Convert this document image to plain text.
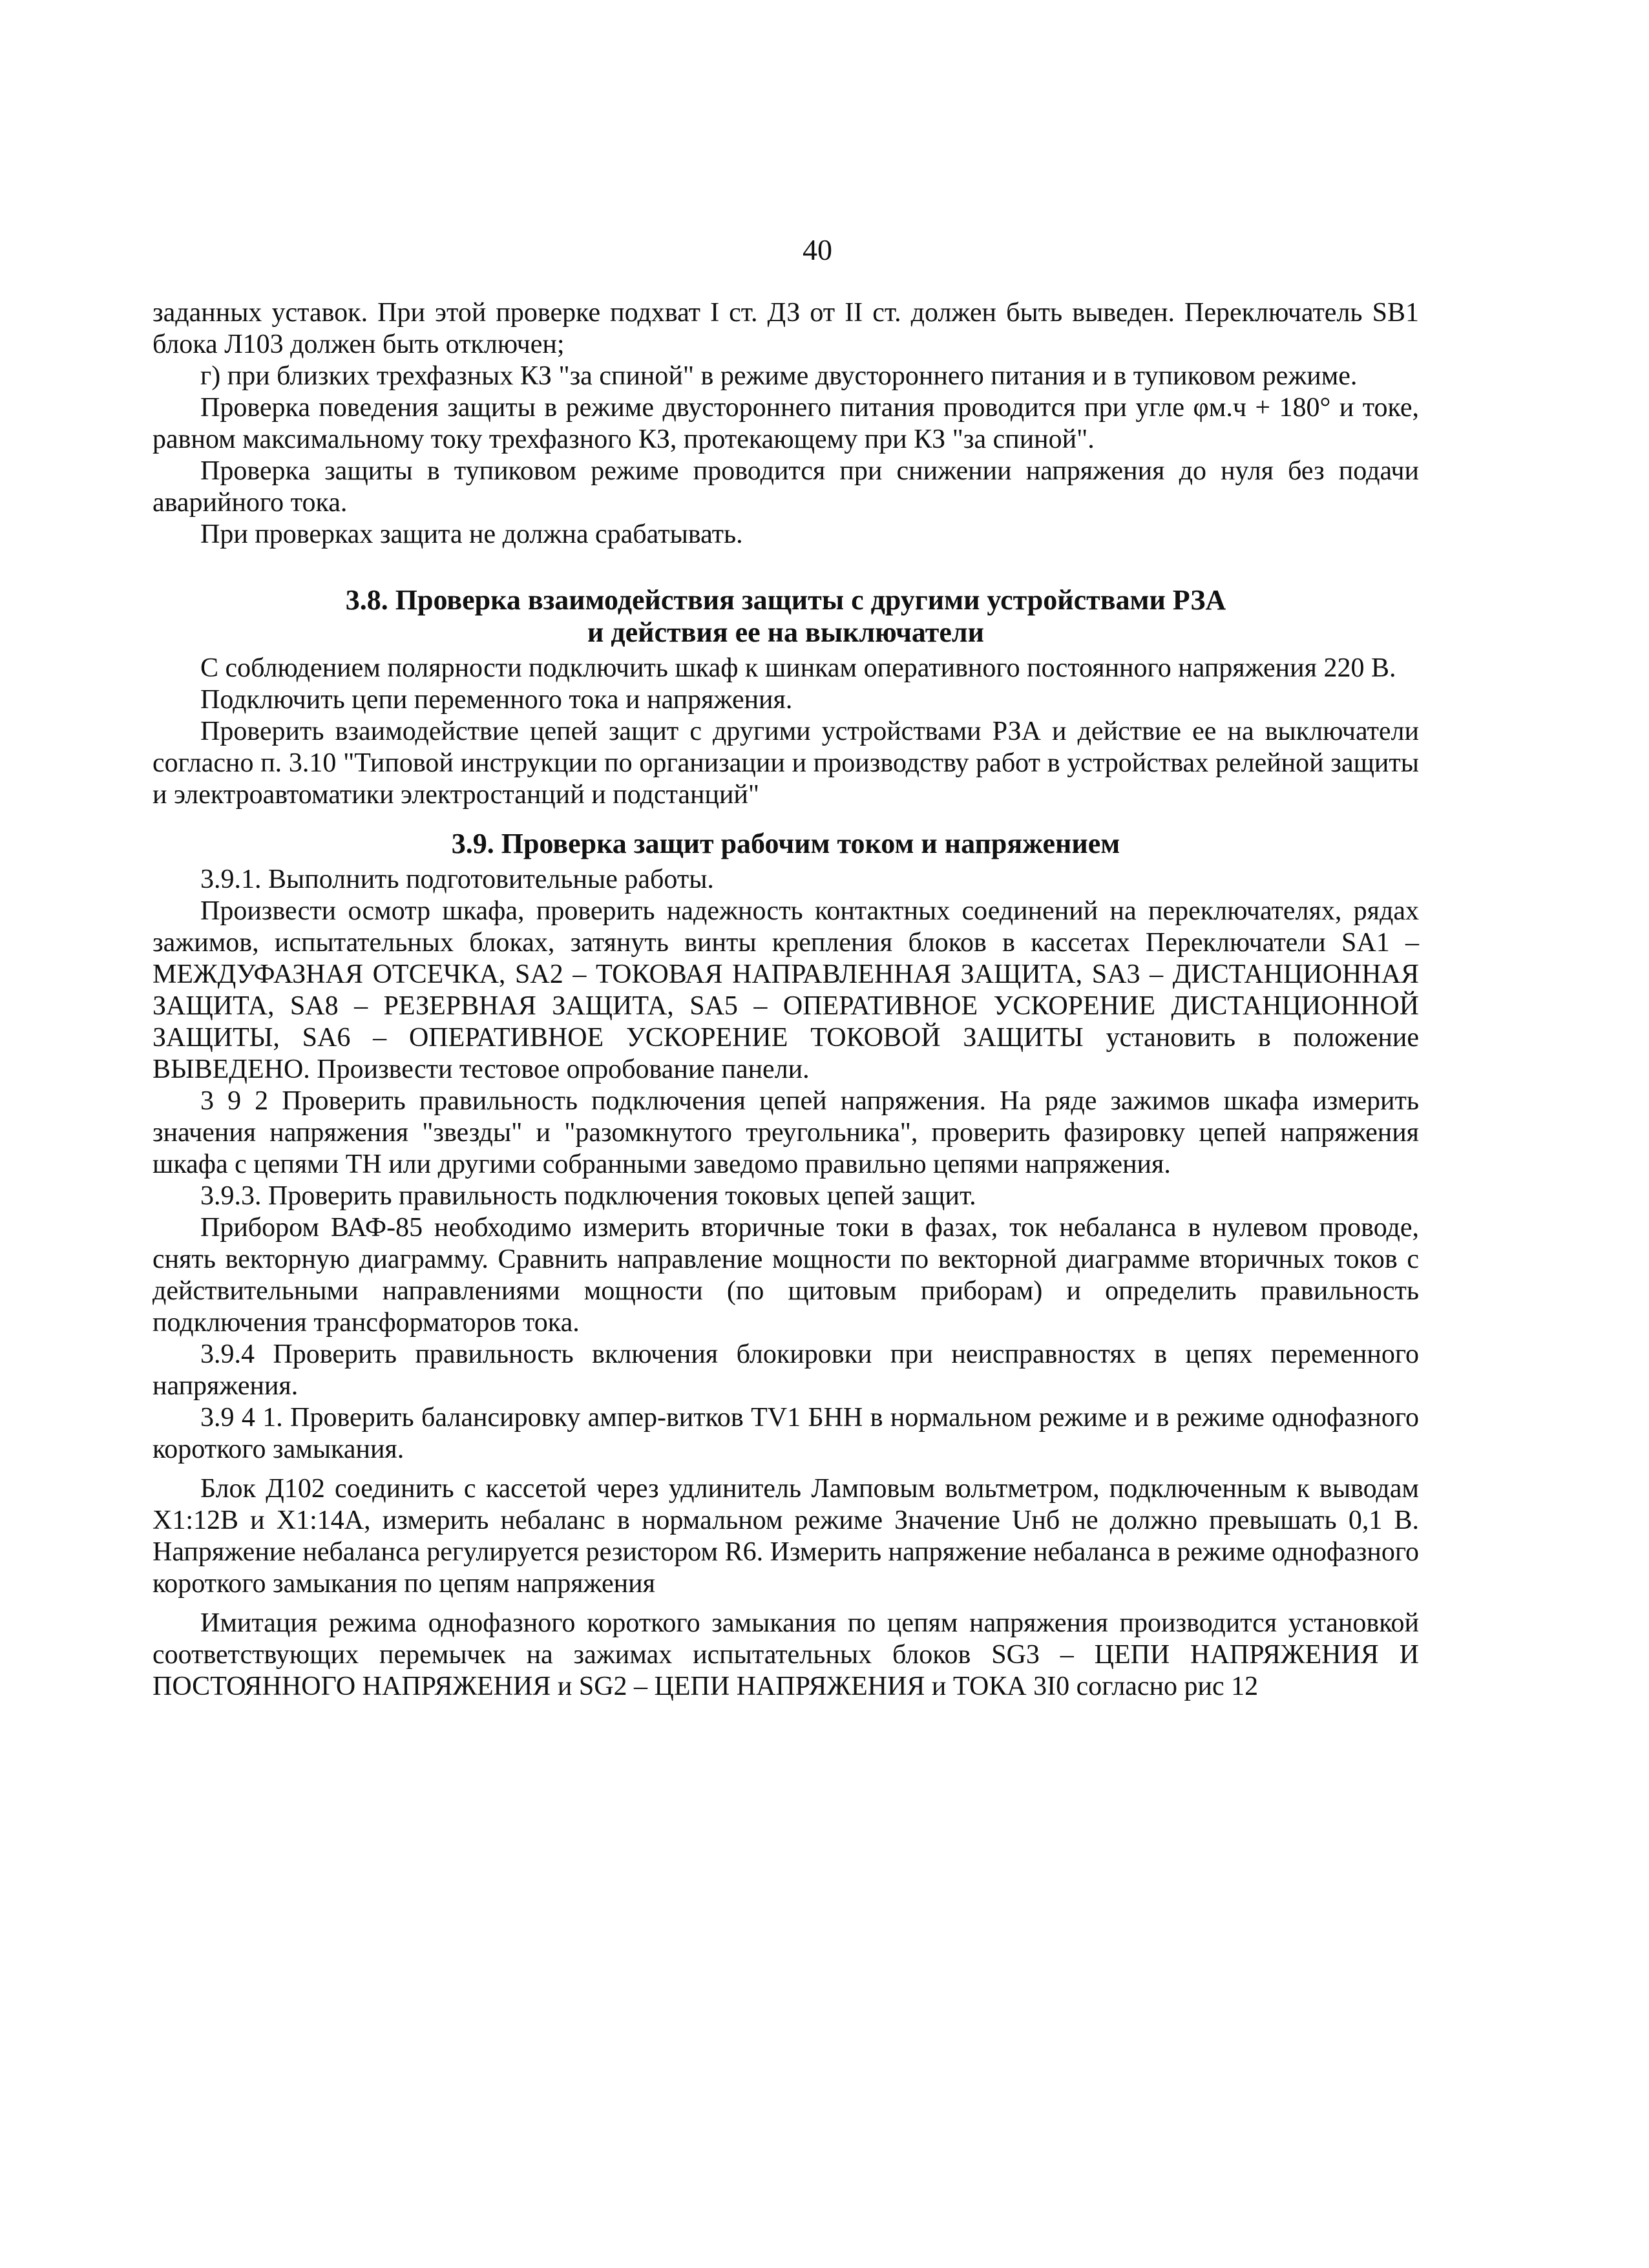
40

заданных уставок. При этой проверке подхват I ст. ДЗ от II ст. должен быть выведен. Переключатель SB1 блока Л103 должен быть отключен;

г) при близких трехфазных КЗ "за спиной" в режиме двустороннего питания и в тупиковом режиме.

Проверка поведения защиты в режиме двустороннего питания проводится при угле φм.ч + 180° и токе, равном максимальному току трехфазного КЗ, протекающему при КЗ "за спиной".

Проверка защиты в тупиковом режиме проводится при снижении напряжения до нуля без подачи аварийного тока.

При проверках защита не должна срабатывать.

3.8. Проверка взаимодействия защиты с другими устройствами РЗА

и действия ее на выключатели

С соблюдением полярности подключить шкаф к шинкам оперативного постоянного напряжения 220 В.

Подключить цепи переменного тока и напряжения.

Проверить взаимодействие цепей защит с другими устройствами РЗА и действие ее на выключатели согласно п. 3.10 "Типовой инструкции по организации и производству работ в устройствах релейной защиты и электроавтоматики электростанций и подстанций"

3.9. Проверка защит рабочим током и напряжением

3.9.1. Выполнить подготовительные работы.

Произвести осмотр шкафа, проверить надежность контактных соединений на переключателях, рядах зажимов, испытательных блоках, затянуть винты крепления блоков в кассетах Переключатели SA1 – МЕЖДУФАЗНАЯ ОТСЕЧКА, SA2 – ТОКОВАЯ НАПРАВЛЕННАЯ ЗАЩИТА, SA3 – ДИСТАНЦИОННАЯ ЗАЩИТА, SA8 – РЕЗЕРВНАЯ ЗАЩИТА, SA5 – ОПЕРАТИВНОЕ УСКОРЕНИЕ ДИСТАНЦИОННОЙ ЗАЩИТЫ, SA6 – ОПЕРАТИВНОЕ УСКОРЕНИЕ ТОКОВОЙ ЗАЩИТЫ установить в положение ВЫВЕДЕНО. Произвести тестовое опробование панели.

3 9 2 Проверить правильность подключения цепей напряжения. На ряде зажимов шкафа измерить значения напряжения "звезды" и "разомкнутого треугольника", проверить фазировку цепей напряжения шкафа с цепями ТН или другими собранными заведомо правильно цепями напряжения.

3.9.3. Проверить правильность подключения токовых цепей защит.

Прибором ВАФ-85 необходимо измерить вторичные токи в фазах, ток небаланса в нулевом проводе, снять векторную диаграмму. Сравнить направление мощности по векторной диаграмме вторичных токов с действительными направлениями мощности (по щитовым приборам) и определить правильность подключения трансформаторов тока.

3.9.4 Проверить правильность включения блокировки при неисправностях в цепях переменного напряжения.

3.9 4 1. Проверить балансировку ампер-витков TV1 БНН в нормальном режиме и в режиме однофазного короткого замыкания.

Блок Д102 соединить с кассетой через удлинитель Ламповым вольтметром, подключенным к выводам X1:12В и X1:14А, измерить небаланс в нормальном режиме Значение Uнб не должно превышать 0,1 В. Напряжение небаланса регулируется резистором R6. Измерить напряжение небаланса в режиме однофазного короткого замыкания по цепям напряжения

Имитация режима однофазного короткого замыкания по цепям напряжения производится установкой соответствующих перемычек на зажимах испытательных блоков SG3 – ЦЕПИ НАПРЯЖЕНИЯ И ПОСТОЯННОГО НАПРЯЖЕНИЯ и SG2 – ЦЕПИ НАПРЯЖЕНИЯ и ТОКА 3I0 согласно рис 12
